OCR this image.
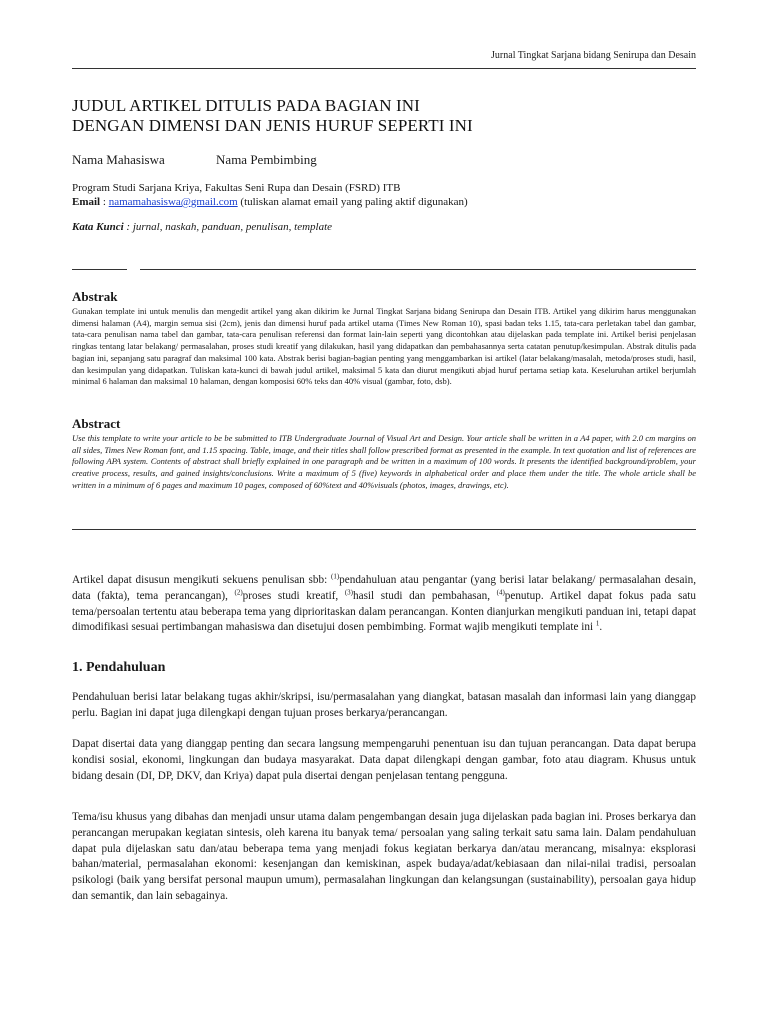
Jurnal Tingkat Sarjana bidang Senirupa dan Desain
JUDUL ARTIKEL DITULIS PADA BAGIAN INI
DENGAN DIMENSI DAN JENIS HURUF SEPERTI INI
Nama Mahasiswa	Nama Pembimbing
Program Studi Sarjana Kriya, Fakultas Seni Rupa dan Desain (FSRD) ITB
Email : namamahasiswa@gmail.com (tuliskan alamat email yang paling aktif digunakan)
Kata Kunci : jurnal, naskah, panduan, penulisan, template
Abstrak
Gunakan template ini untuk menulis dan mengedit artikel yang akan dikirim ke Jurnal Tingkat Sarjana bidang Senirupa dan Desain ITB. Artikel yang dikirim harus menggunakan dimensi halaman (A4), margin semua sisi (2cm), jenis dan dimensi huruf pada artikel utama (Times New Roman 10), spasi badan teks 1.15, tata-cara perletakan tabel dan gambar, tata-cara penulisan nama tabel dan gambar, tata-cara penulisan referensi dan format lain-lain seperti yang dicontohkan atau dijelaskan pada template ini. Artikel berisi penjelasan ringkas tentang latar belakang/ permasalahan, proses studi kreatif yang dilakukan, hasil yang didapatkan dan pembahasannya serta catatan penutup/kesimpulan. Abstrak ditulis pada bagian ini, sepanjang satu paragraf dan maksimal 100 kata. Abstrak berisi bagian-bagian penting yang menggambarkan isi artikel (latar belakang/masalah, metoda/proses studi, hasil, dan kesimpulan yang didapatkan. Tuliskan kata-kunci di bawah judul artikel, maksimal 5 kata dan diurut mengikuti abjad huruf pertama setiap kata. Keseluruhan artikel berjumlah minimal 6 halaman dan maksimal 10 halaman, dengan komposisi 60% teks dan 40% visual (gambar, foto, dsb).
Abstract
Use this template to write your article to be be submitted to ITB Undergraduate Journal of Visual Art and Design. Your article shall be written in a A4 paper, with 2.0 cm margins on all sides, Times New Roman font, and 1.15 spacing. Table, image, and their titles shall follow prescribed format as presented in the example. In text quotation and list of references are following APA system. Contents of abstract shall briefly explained in one paragraph and be written in a maximum of 100 words. It presents the identified background/problem, your creative process, results, and gained insights/conclusions. Write a maximum of 5 (five) keywords in alphabetical order and place them under the title. The whole article shall be written in a minimum of 6 pages and maximum 10 pages, composed of 60%text and 40%visuals (photos, images, drawings, etc).
Artikel dapat disusun mengikuti sekuens penulisan sbb: $^{(1)}$pendahuluan atau pengantar (yang berisi latar belakang/ permasalahan desain, data (fakta), tema perancangan), $^{(2)}$proses studi kreatif, $^{(3)}$hasil studi dan pembahasan, $^{(4)}$penutup. Artikel dapat fokus pada satu tema/persoalan tertentu atau beberapa tema yang diprioritaskan dalam perancangan. Konten dianjurkan mengikuti panduan ini, tetapi dapat dimodifikasi sesuai pertimbangan mahasiswa dan disetujui dosen pembimbing. Format wajib mengikuti template ini $^1$.
1. Pendahuluan
Pendahuluan berisi latar belakang tugas akhir/skripsi, isu/permasalahan yang diangkat, batasan masalah dan informasi lain yang dianggap perlu. Bagian ini dapat juga dilengkapi dengan tujuan proses berkarya/perancangan.
Dapat disertai data yang dianggap penting dan secara langsung mempengaruhi penentuan isu dan tujuan perancangan. Data dapat berupa kondisi sosial, ekonomi, lingkungan dan budaya masyarakat. Data dapat dilengkapi dengan gambar, foto atau diagram. Khusus untuk bidang desain (DI, DP, DKV, dan Kriya) dapat pula disertai dengan penjelasan tentang pengguna.
Tema/isu khusus yang dibahas dan menjadi unsur utama dalam pengembangan desain juga dijelaskan pada bagian ini. Proses berkarya dan perancangan merupakan kegiatan sintesis, oleh karena itu banyak tema/ persoalan yang saling terkait satu sama lain. Dalam pendahuluan dapat pula dijelaskan satu dan/atau beberapa tema yang menjadi fokus kegiatan berkarya dan/atau merancang, misalnya: eksplorasi bahan/material, permasalahan ekonomi: kesenjangan dan kemiskinan, aspek budaya/adat/kebiasaan dan nilai-nilai tradisi, persoalan psikologi (baik yang bersifat personal maupun umum), permasalahan lingkungan dan kelangsungan (sustainability), persoalan gaya hidup dan semantik, dan lain sebagainya.
